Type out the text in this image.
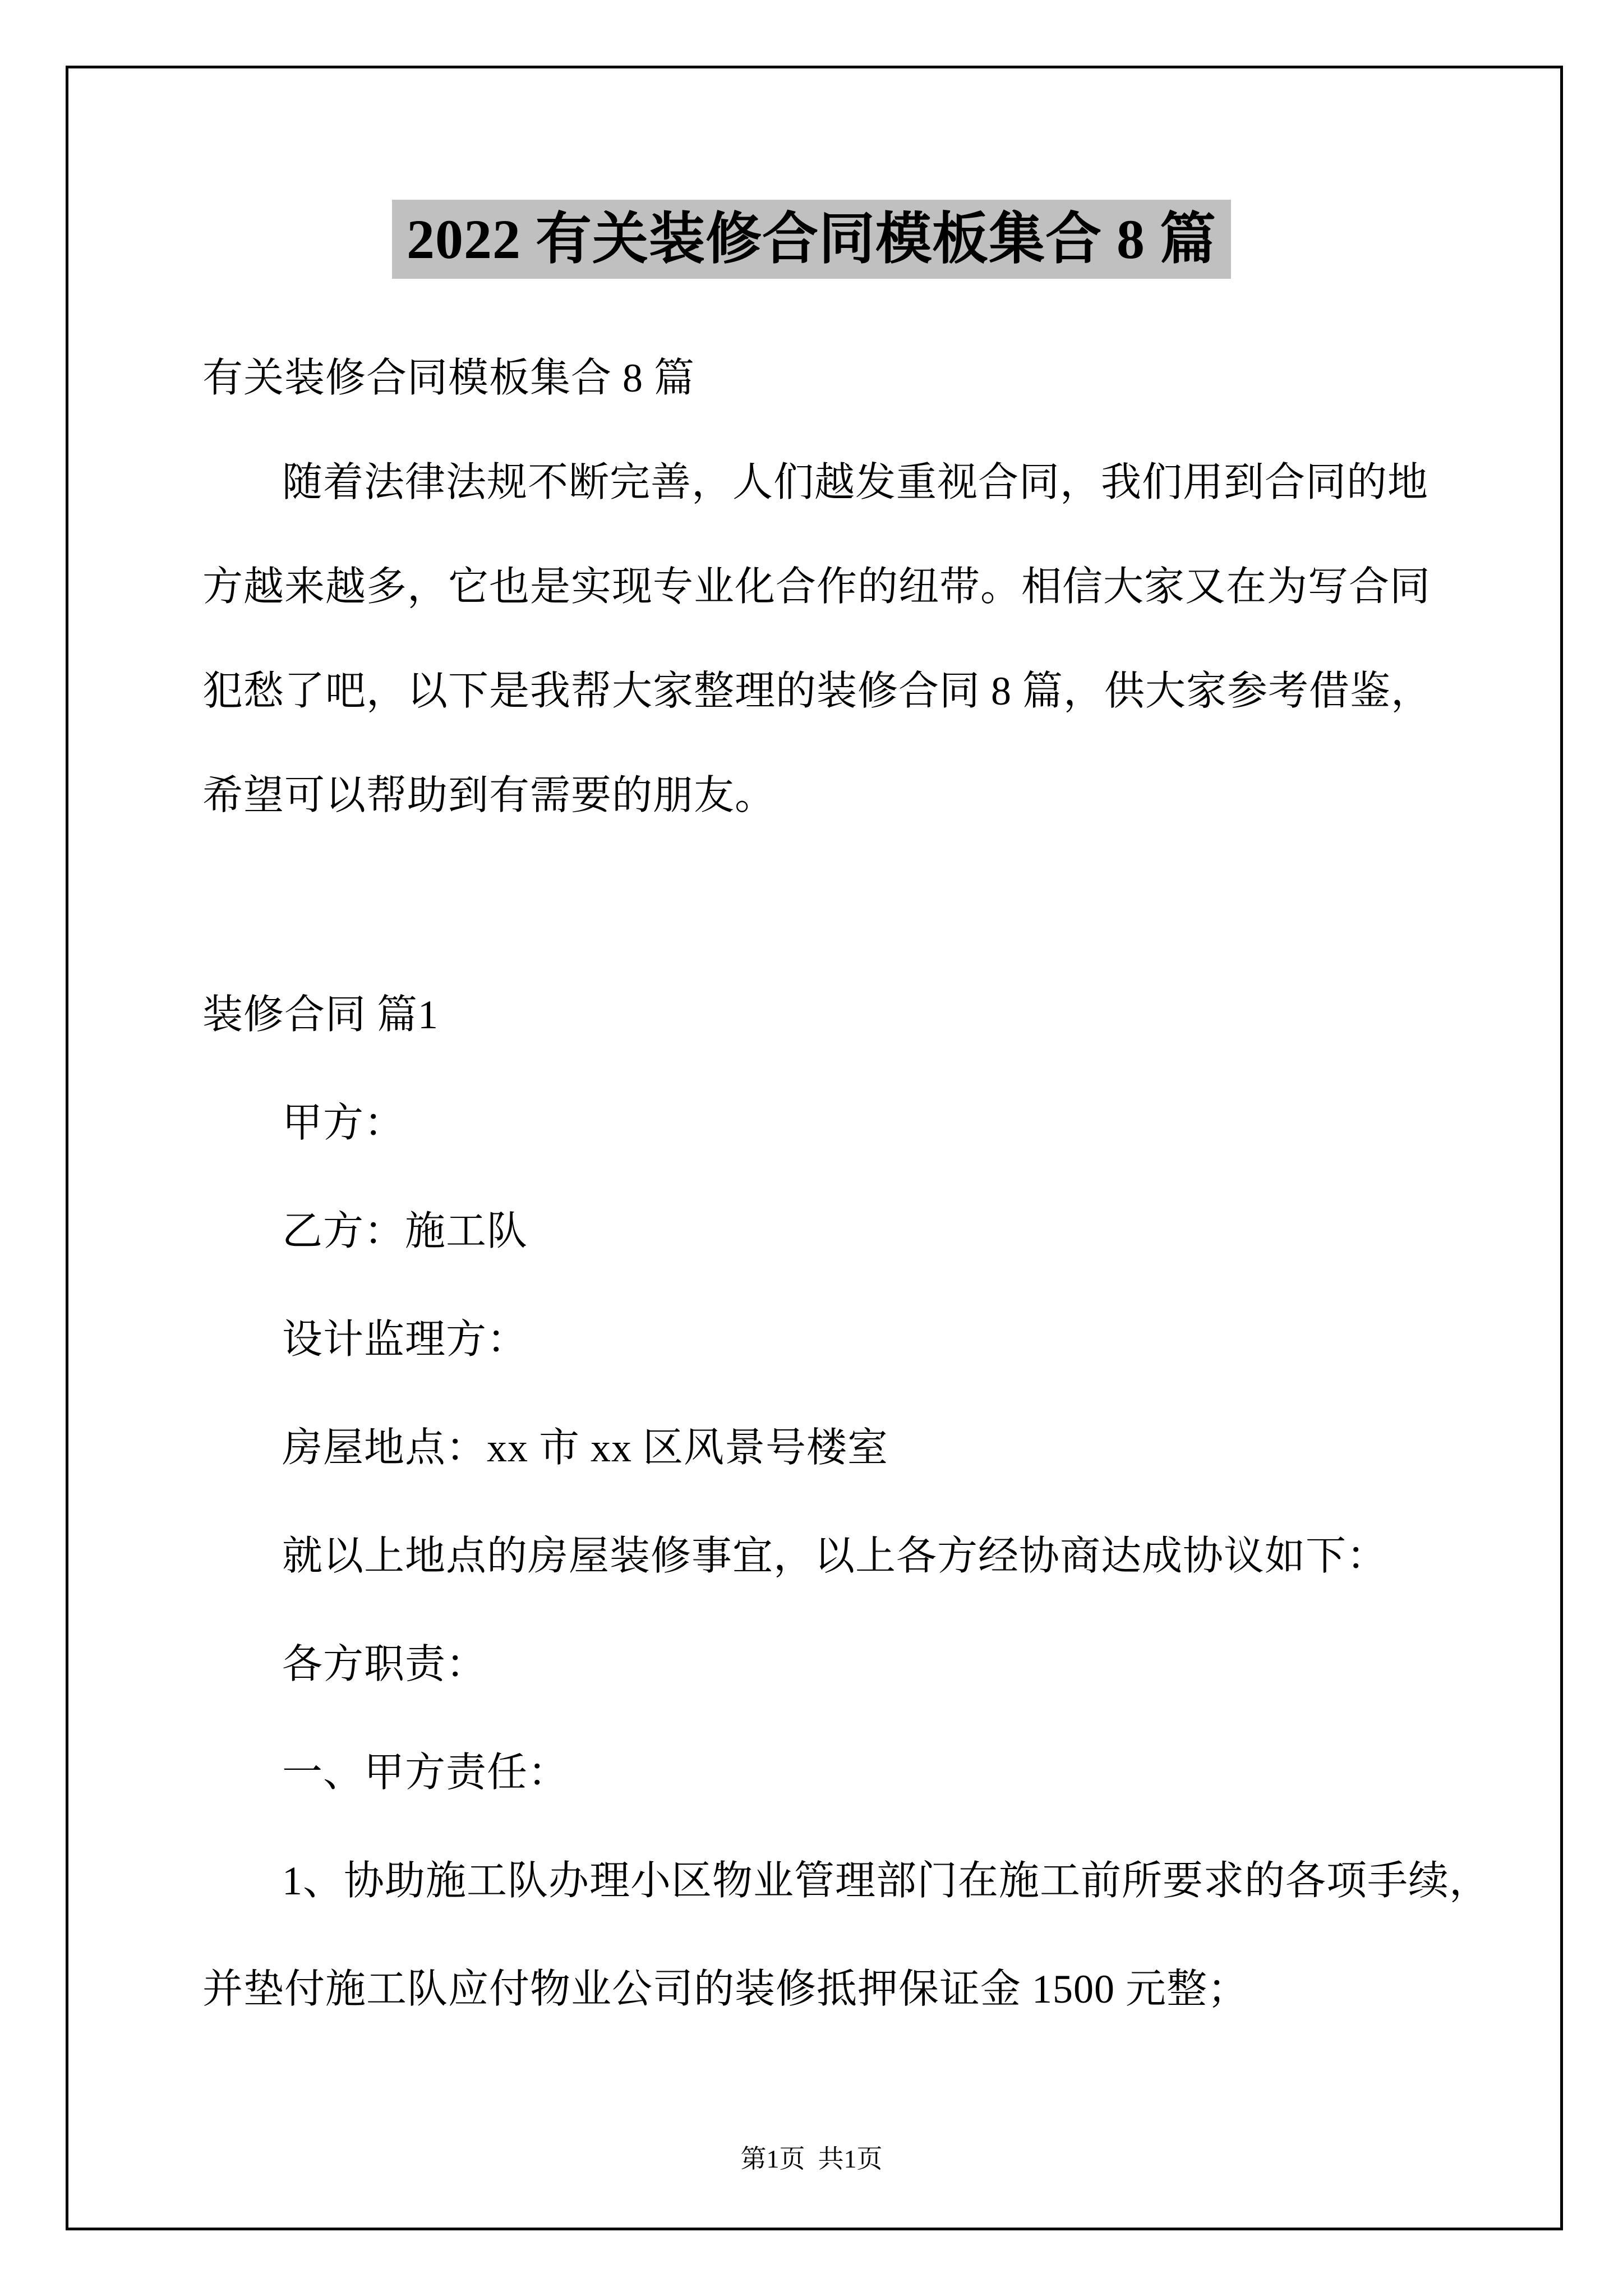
2022 有关装修合同模板集合 8 篇
有关装修合同模板集合 8 篇
随着法律法规不断完善，人们越发重视合同，我们用到合同的地
方越来越多，它也是实现专业化合作的纽带。相信大家又在为写合同
犯愁了吧，以下是我帮大家整理的装修合同 8 篇，供大家参考借鉴，
希望可以帮助到有需要的朋友。
装修合同 篇1
甲方：
乙方：施工队
设计监理方：
房屋地点：xx 市 xx 区风景号楼室
就以上地点的房屋装修事宜，以上各方经协商达成协议如下：
各方职责：
一、甲方责任：
1、协助施工队办理小区物业管理部门在施工前所要求的各项手续，
并垫付施工队应付物业公司的装修抵押保证金 1500 元整；
第1页  共1页
